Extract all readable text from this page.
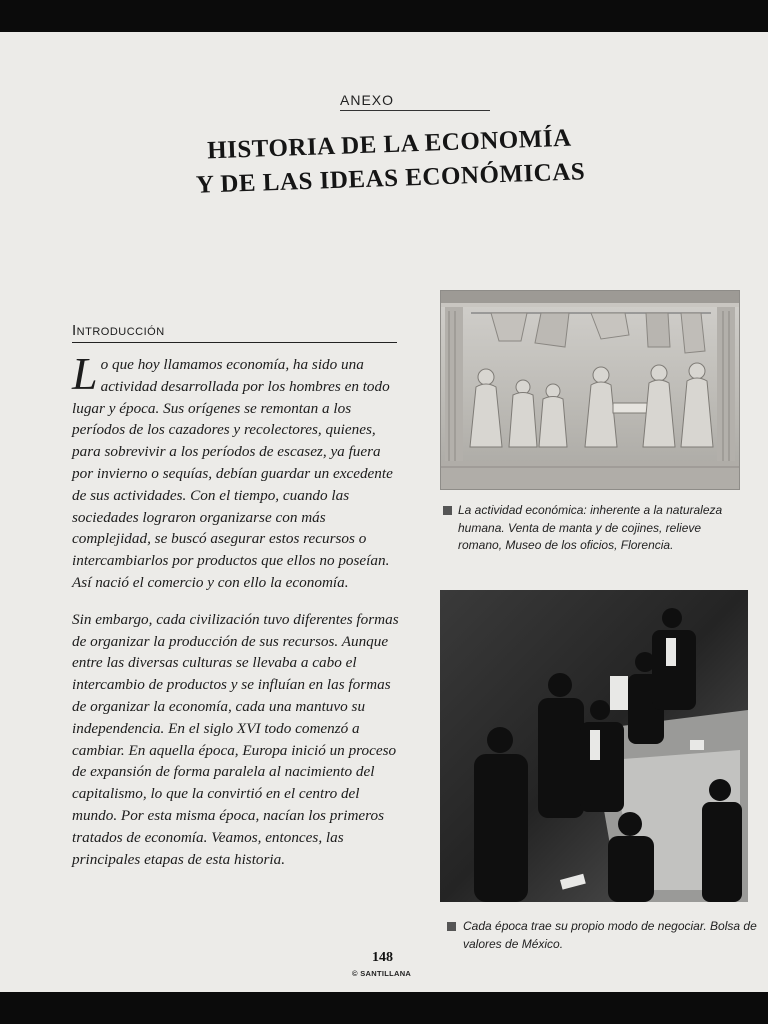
ANEXO
HISTORIA DE LA ECONOMÍA
Y DE LAS IDEAS ECONÓMICAS
Introducción

Lo que hoy llamamos economía, ha sido una actividad desarrollada por los hombres en todo lugar y época. Sus orígenes se remontan a los períodos de los cazadores y recolectores, quienes, para sobrevivir a los períodos de escasez, ya fuera por invierno o sequías, debían guardar un excedente de sus actividades. Con el tiempo, cuando las sociedades lograron organizarse con más complejidad, se buscó asegurar estos recursos o intercambiarlos por productos que ellos no poseían. Así nació el comercio y con ello la economía.

Sin embargo, cada civilización tuvo diferentes formas de organizar la producción de sus recursos. Aunque entre las diversas culturas se llevaba a cabo el intercambio de productos y se influían en las formas de organizar la economía, cada una mantuvo su independencia. En el siglo XVI todo comenzó a cambiar. En aquella época, Europa inició un proceso de expansión de forma paralela al nacimiento del capitalismo, lo que la convirtió en el centro del mundo. Por esta misma época, nacían los primeros tratados de economía. Veamos, entonces, las principales etapas de esta historia.

La actividad económica: inherente a la naturaleza humana. Venta de manta y de cojines, relieve romano, Museo de los oficios, Florencia.
Cada época trae su propio modo de negociar. Bolsa de valores de México.
148
© SANTILLANA
